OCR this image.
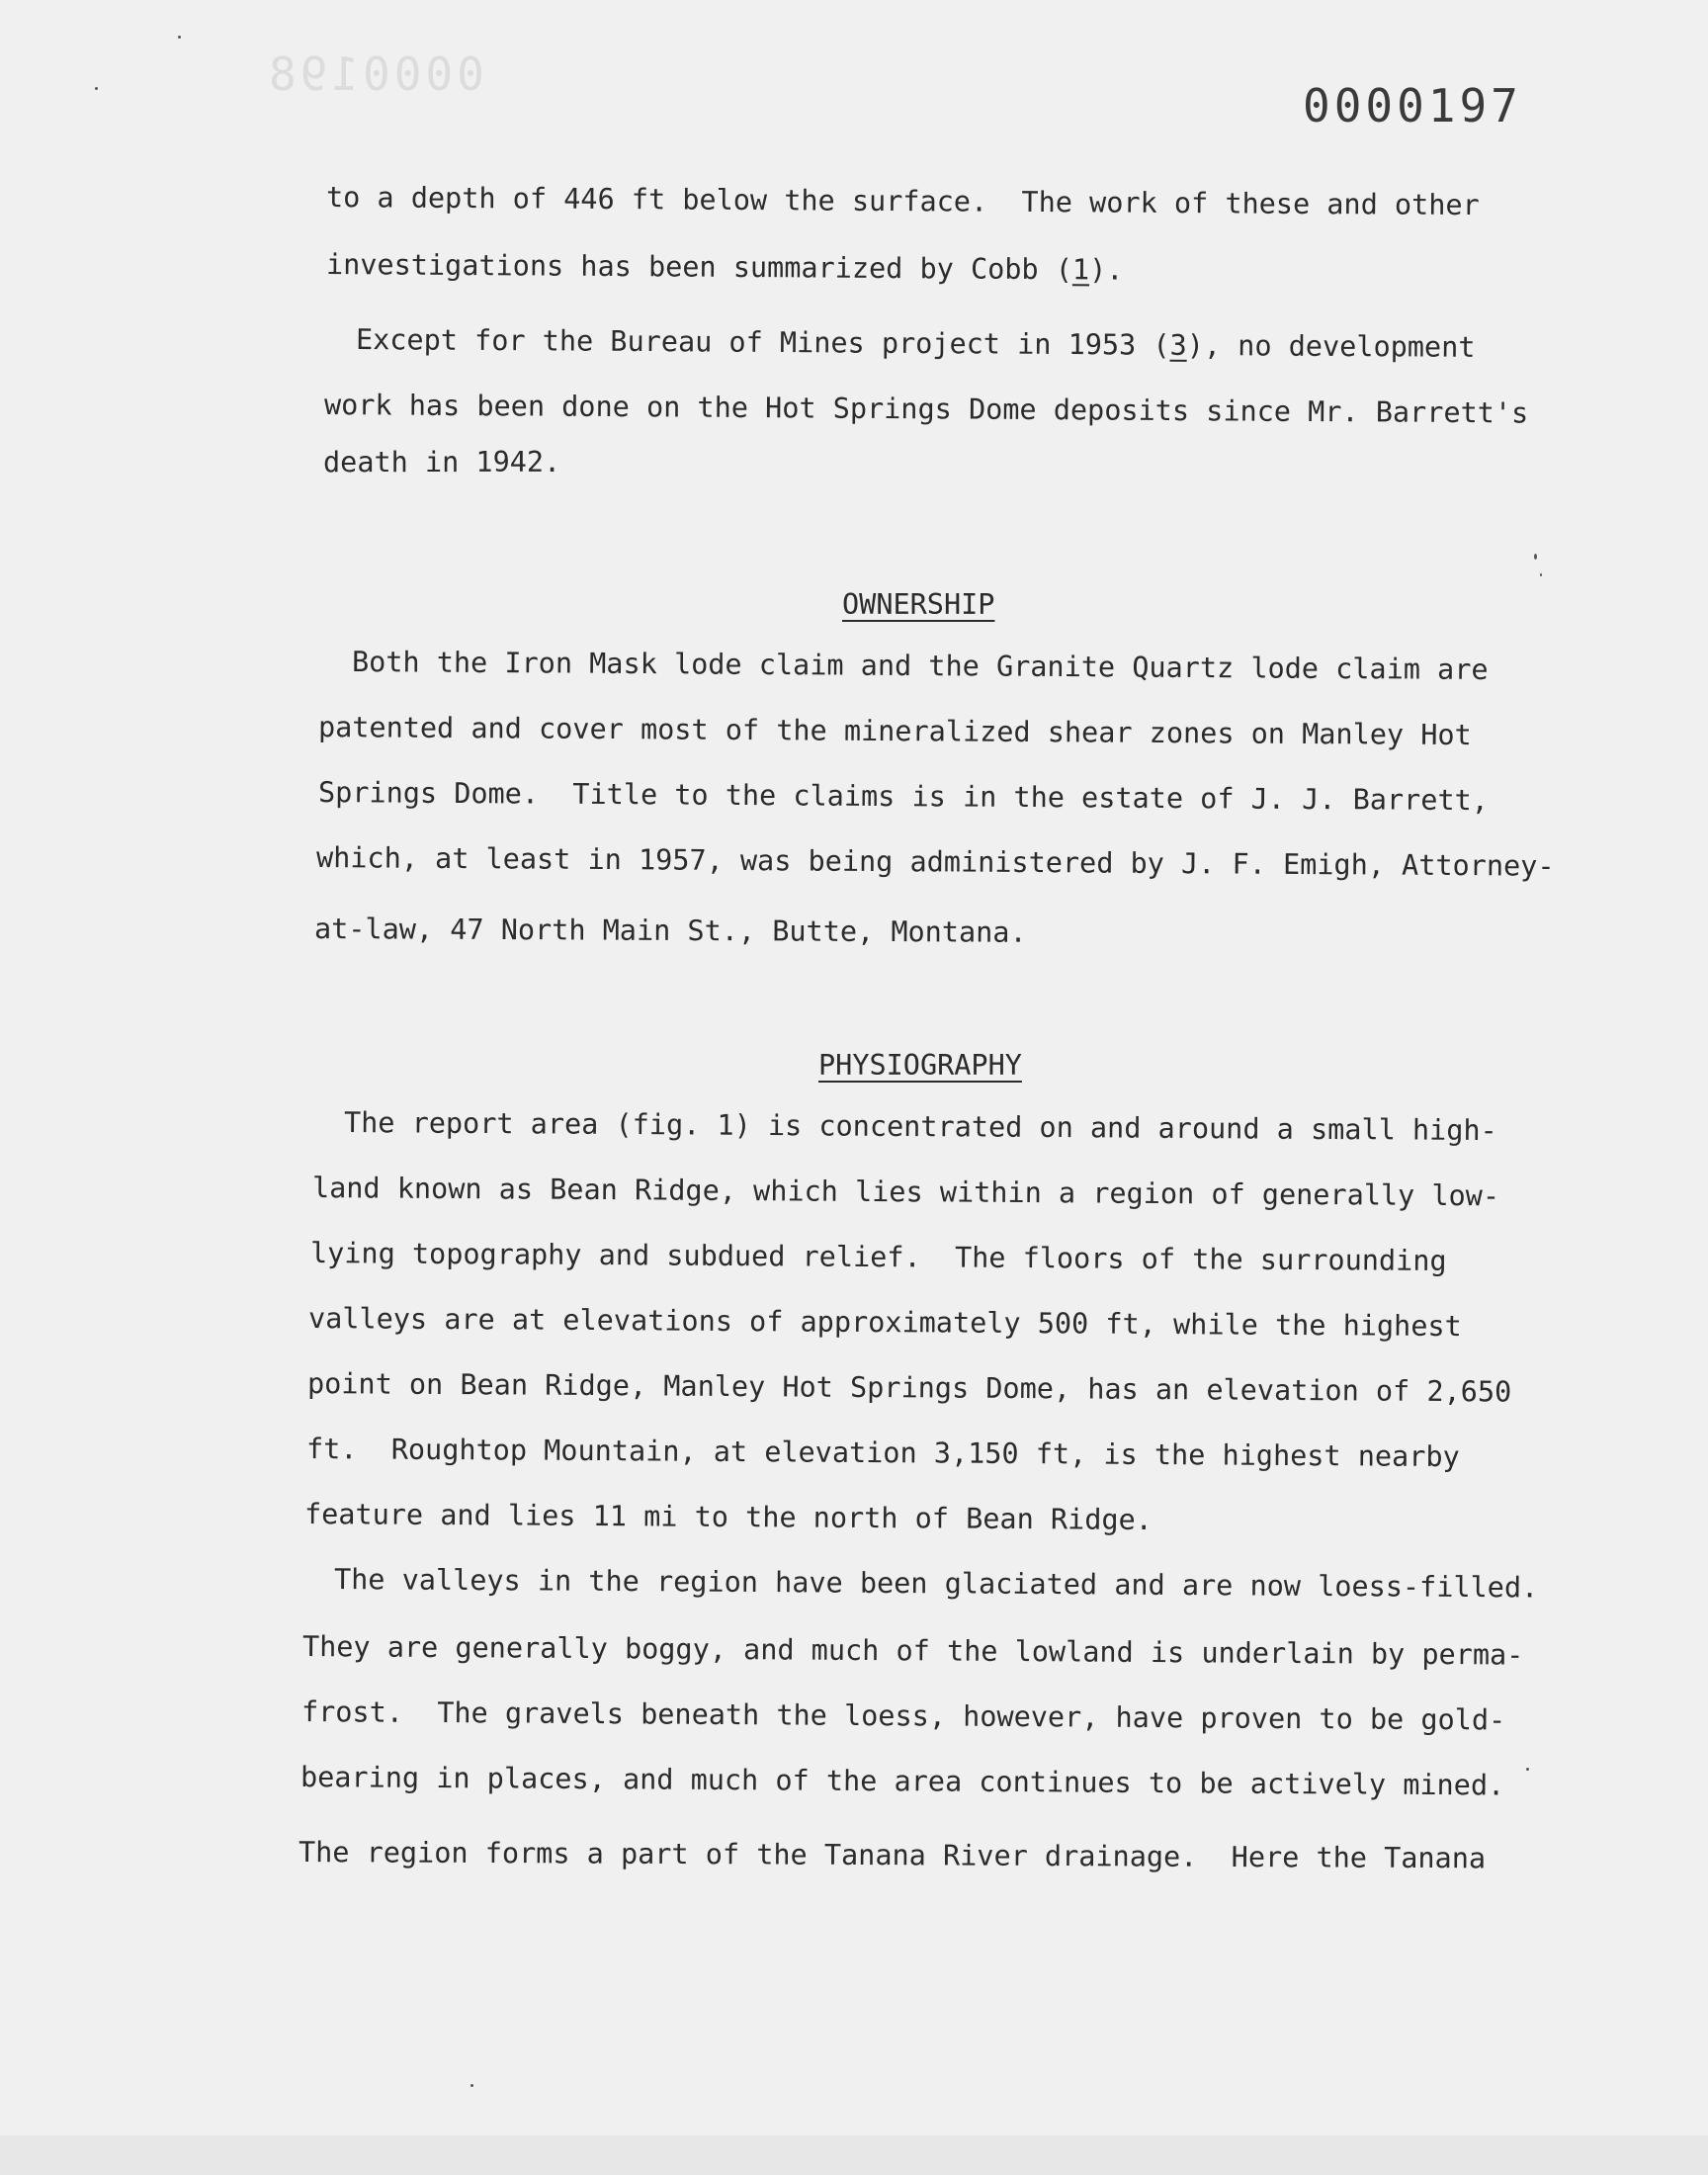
0000198
0000197
to a depth of 446 ft below the surface.  The work of these and other
investigations has been summarized by Cobb (1).
Except for the Bureau of Mines project in 1953 (3), no development
work has been done on the Hot Springs Dome deposits since Mr. Barrett's
death in 1942.
OWNERSHIP
Both the Iron Mask lode claim and the Granite Quartz lode claim are
patented and cover most of the mineralized shear zones on Manley Hot
Springs Dome.  Title to the claims is in the estate of J. J. Barrett,
which, at least in 1957, was being administered by J. F. Emigh, Attorney-
at-law, 47 North Main St., Butte, Montana.
PHYSIOGRAPHY
The report area (fig. 1) is concentrated on and around a small high-
land known as Bean Ridge, which lies within a region of generally low-
lying topography and subdued relief.  The floors of the surrounding
valleys are at elevations of approximately 500 ft, while the highest
point on Bean Ridge, Manley Hot Springs Dome, has an elevation of 2,650
ft.  Roughtop Mountain, at elevation 3,150 ft, is the highest nearby
feature and lies 11 mi to the north of Bean Ridge.
The valleys in the region have been glaciated and are now loess-filled.
They are generally boggy, and much of the lowland is underlain by perma-
frost.  The gravels beneath the loess, however, have proven to be gold-
bearing in places, and much of the area continues to be actively mined.
The region forms a part of the Tanana River drainage.  Here the Tanana
